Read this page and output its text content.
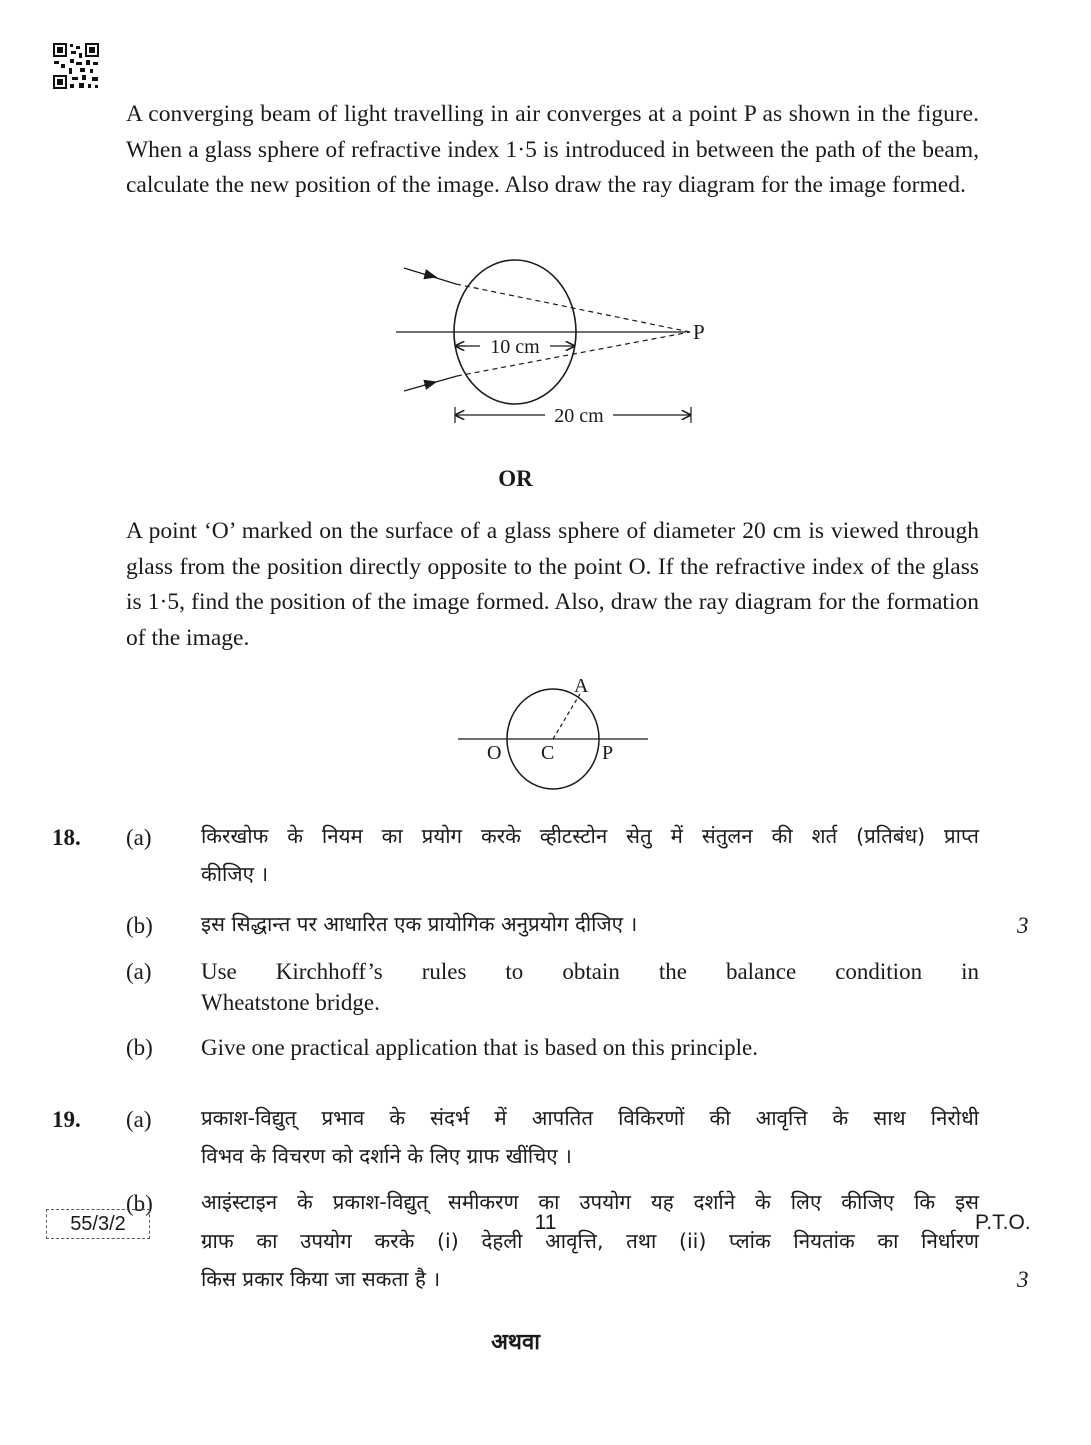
A converging beam of light travelling in air converges at a point P as shown in the figure. When a glass sphere of refractive index 1·5 is introduced in between the path of the beam, calculate the new position of the image. Also draw the ray diagram for the image formed.
P
10 cm
20 cm
OR
A point ‘O’ marked on the surface of a glass sphere of diameter 20 cm is viewed through glass from the position directly opposite to the point O. If the refractive index of the glass is 1·5, find the position of the image formed. Also, draw the ray diagram for the formation of the image.
A
O C P
18. (a) किरखोफ के नियम का प्रयोग करके व्हीटस्टोन सेतु में संतुलन की शर्त (प्रतिबंध) प्राप्त
कीजिए ।
(b) इस सिद्धान्त पर आधारित एक प्रायोगिक अनुप्रयोग दीजिए ।	3
(a) Use Kirchhoff’s rules to obtain the balance condition in
Wheatstone bridge.
(b) Give one practical application that is based on this principle.
19. (a) प्रकाश-विद्युत् प्रभाव के संदर्भ में आपतित विकिरणों की आवृत्ति के साथ निरोधी
विभव के विचरण को दर्शाने के लिए ग्राफ खींचिए ।
(b) आइंस्टाइन के प्रकाश-विद्युत् समीकरण का उपयोग यह दर्शाने के लिए कीजिए कि इस
ग्राफ का उपयोग करके (i) देहली आवृत्ति, तथा (ii) प्लांक नियतांक का निर्धारण
किस प्रकार किया जा सकता है ।	3
अथवा
55/3/2	11	P.T.O.
